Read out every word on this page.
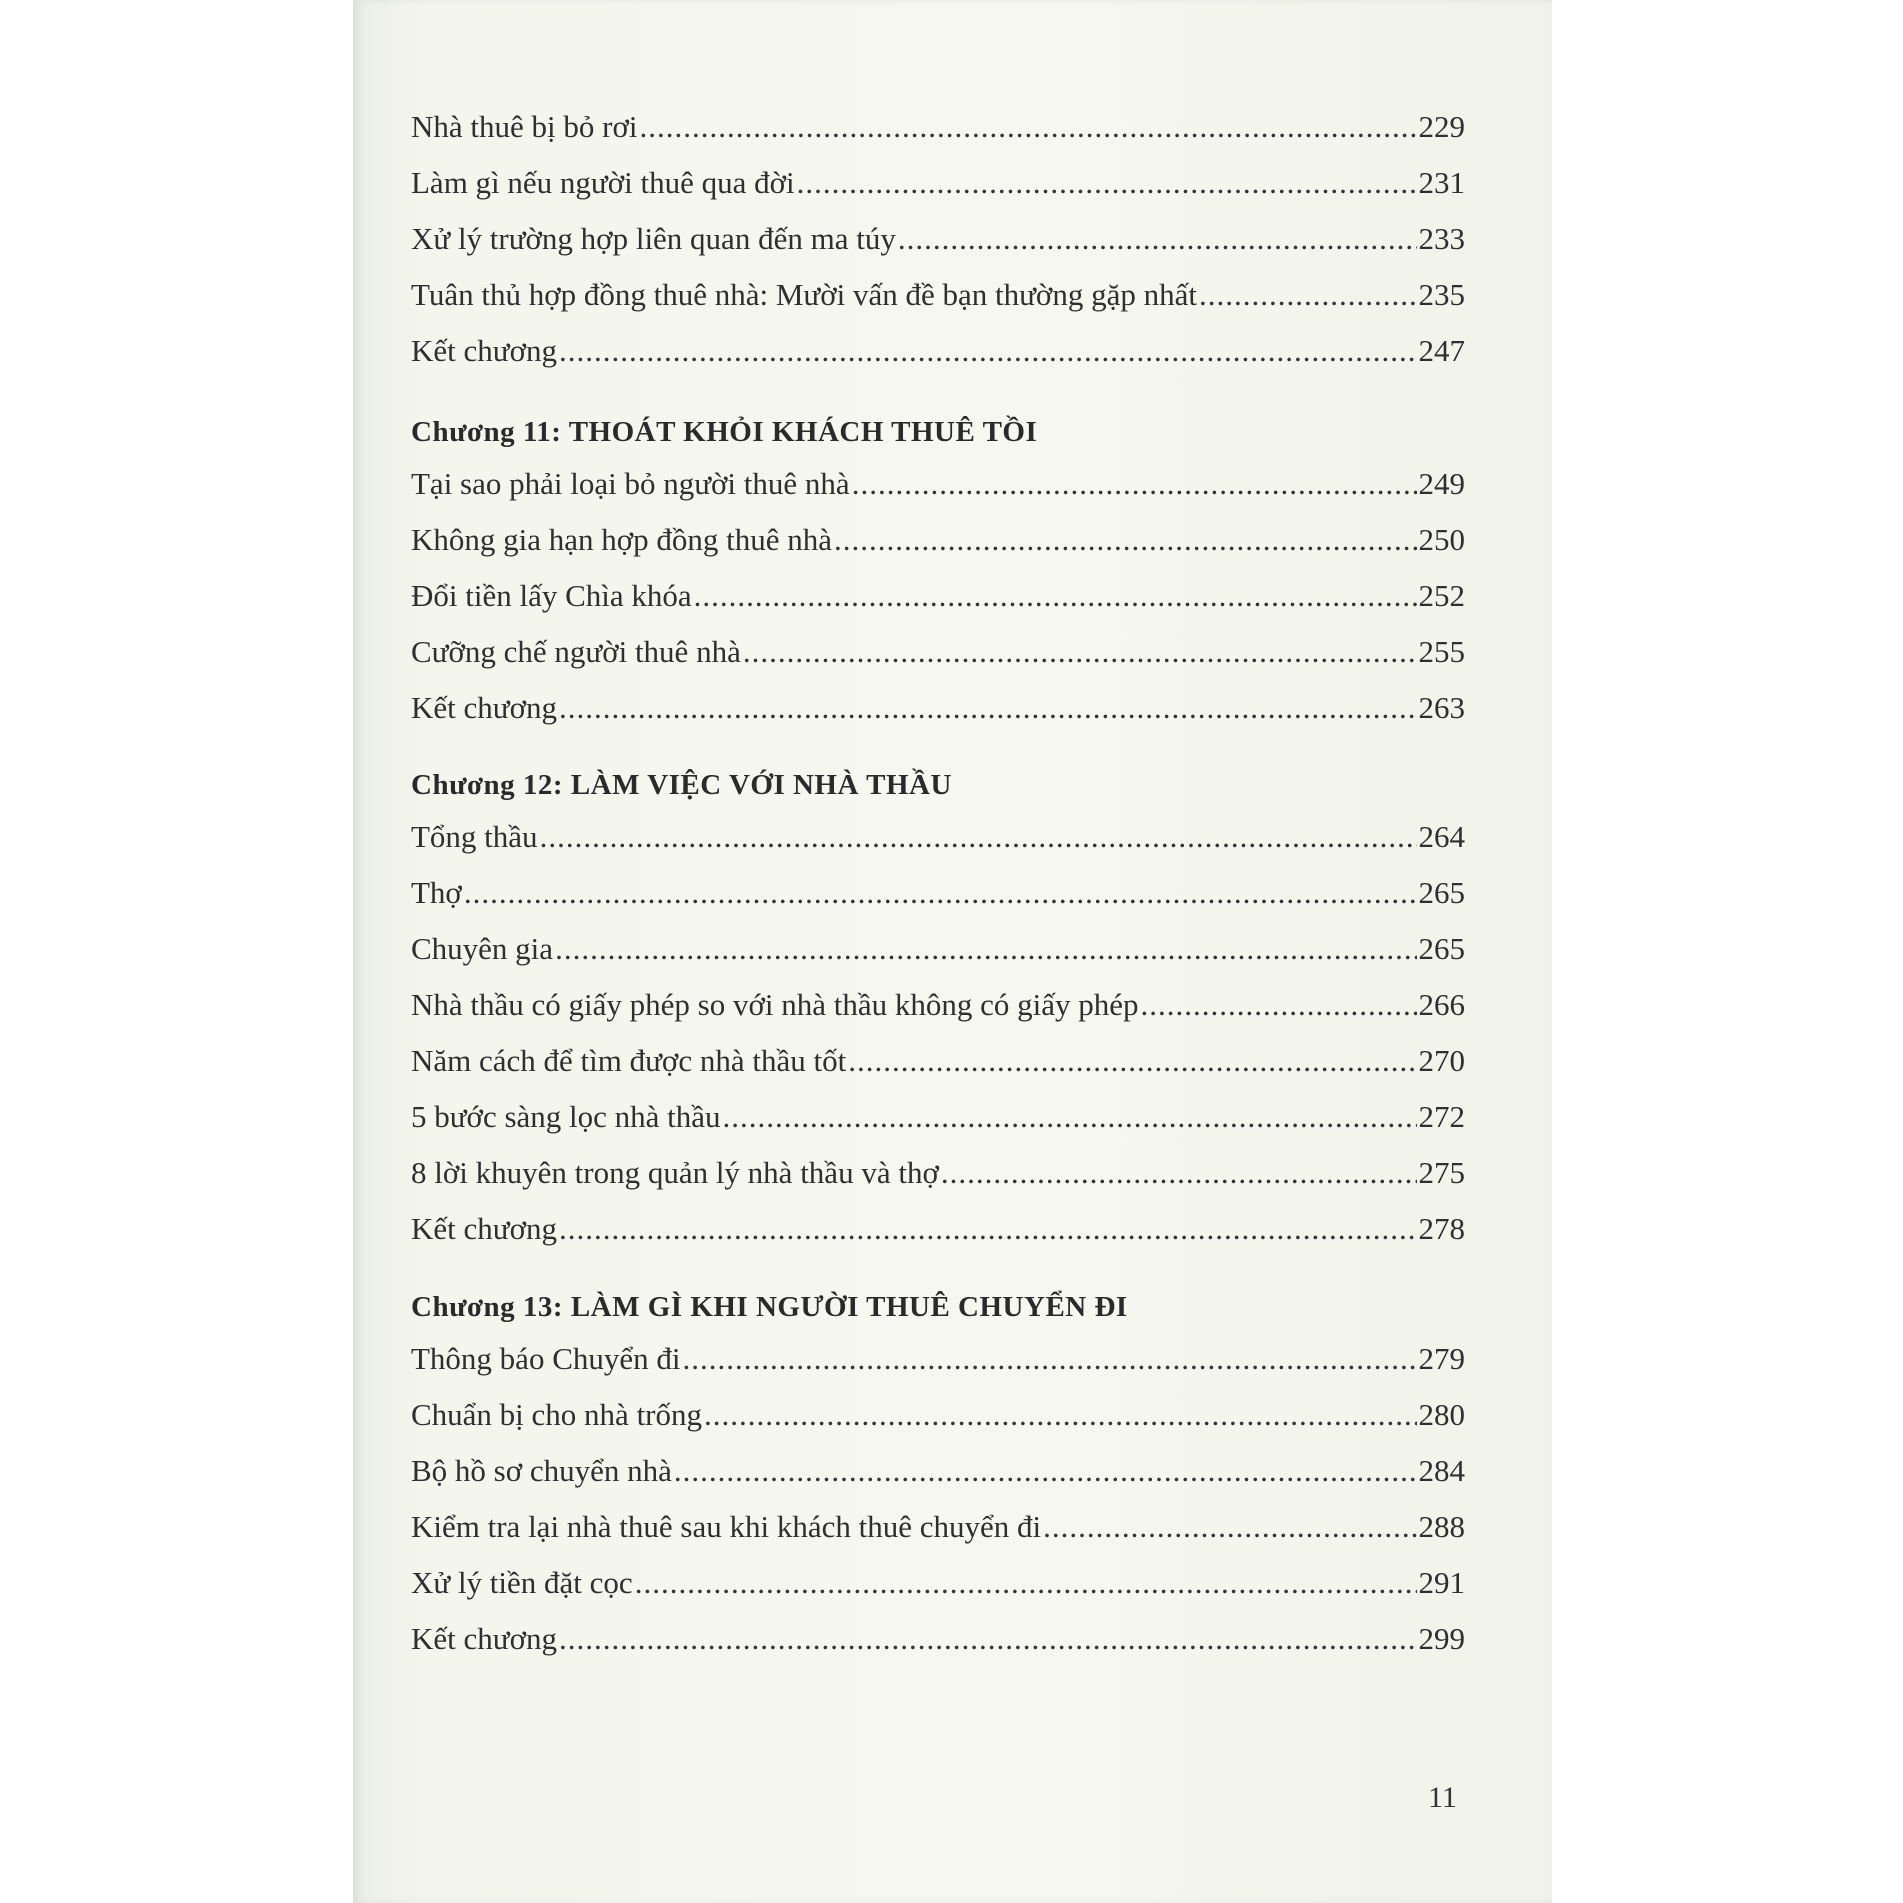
Nhà thuê bị bỏ rơi .....	229
Làm gì nếu người thuê qua đời .....	231
Xử lý trường hợp liên quan đến ma túy .....	233
Tuân thủ hợp đồng thuê nhà: Mười vấn đề bạn thường gặp nhất .....	235
Kết chương .....	247
Chương 11: THOÁT KHỎI KHÁCH THUÊ TỒI
Tại sao phải loại bỏ người thuê nhà .....	249
Không gia hạn hợp đồng thuê nhà .....	250
Đổi tiền lấy Chìa khóa .....	252
Cưỡng chế người thuê nhà .....	255
Kết chương .....	263
Chương 12: LÀM VIỆC VỚI NHÀ THẦU
Tổng thầu .....	264
Thợ .....	265
Chuyên gia .....	265
Nhà thầu có giấy phép so với nhà thầu không có giấy phép .....	266
Năm cách để tìm được nhà thầu tốt .....	270
5 bước sàng lọc nhà thầu .....	272
8 lời khuyên trong quản lý nhà thầu và thợ .....	275
Kết chương .....	278
Chương 13: LÀM GÌ KHI NGƯỜI THUÊ CHUYỂN ĐI
Thông báo Chuyển đi .....	279
Chuẩn bị cho nhà trống .....	280
Bộ hồ sơ chuyển nhà .....	284
Kiểm tra lại nhà thuê sau khi khách thuê chuyển đi .....	288
Xử lý tiền đặt cọc .....	291
Kết chương .....	299
11
